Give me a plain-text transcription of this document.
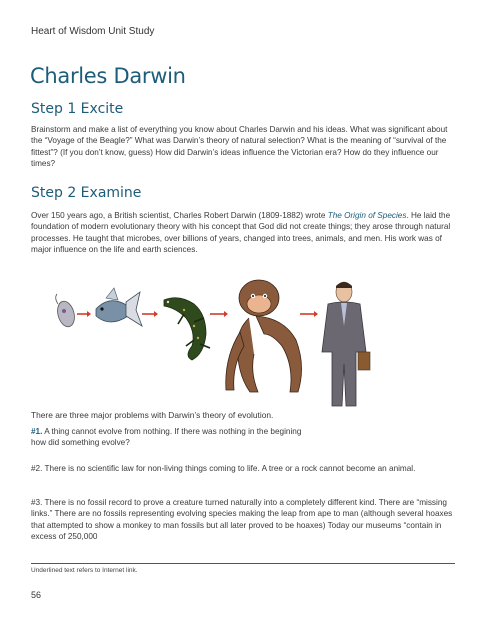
Heart of Wisdom Unit Study
Charles Darwin
Step 1 Excite
Brainstorm and make a list of everything you know about Charles Darwin and his ideas. What was significant about the “Voyage of the Beagle?” What was Darwin’s theory of natural selection? What is the meaning of “survival of the fittest”? (If you don’t know, guess) How did Darwin’s ideas influence the Victorian era? How do they influence our times?
Step 2 Examine
Over 150 years ago, a British scientist, Charles Robert Darwin (1809-1882) wrote The Origin of Species. He laid the foundation of modern evolutionary theory with his concept that God did not create things; they arose through natural processes. He taught that microbes, over billions of years, changed into trees, animals, and men. His work was of major influence on the life and earth sciences.
There are three major problems with Darwin’s theory of evolution.
#1. A thing cannot evolve from nothing. If there was nothing in the begining how did something evolve?
#2. There is no scientific law for non-living things coming to life. A tree or a rock cannot become an animal.
#3. There is no fossil record to prove a creature turned naturally into a completely different kind. There are “missing links.” There are no fossils representing evolving species making the leap from ape to man (although several hoaxes that attempted to show a monkey to man fossils but all later proved to be hoaxes) Today our museums “contain in excess of 250,000
Underlined text refers to Internet link.
56
